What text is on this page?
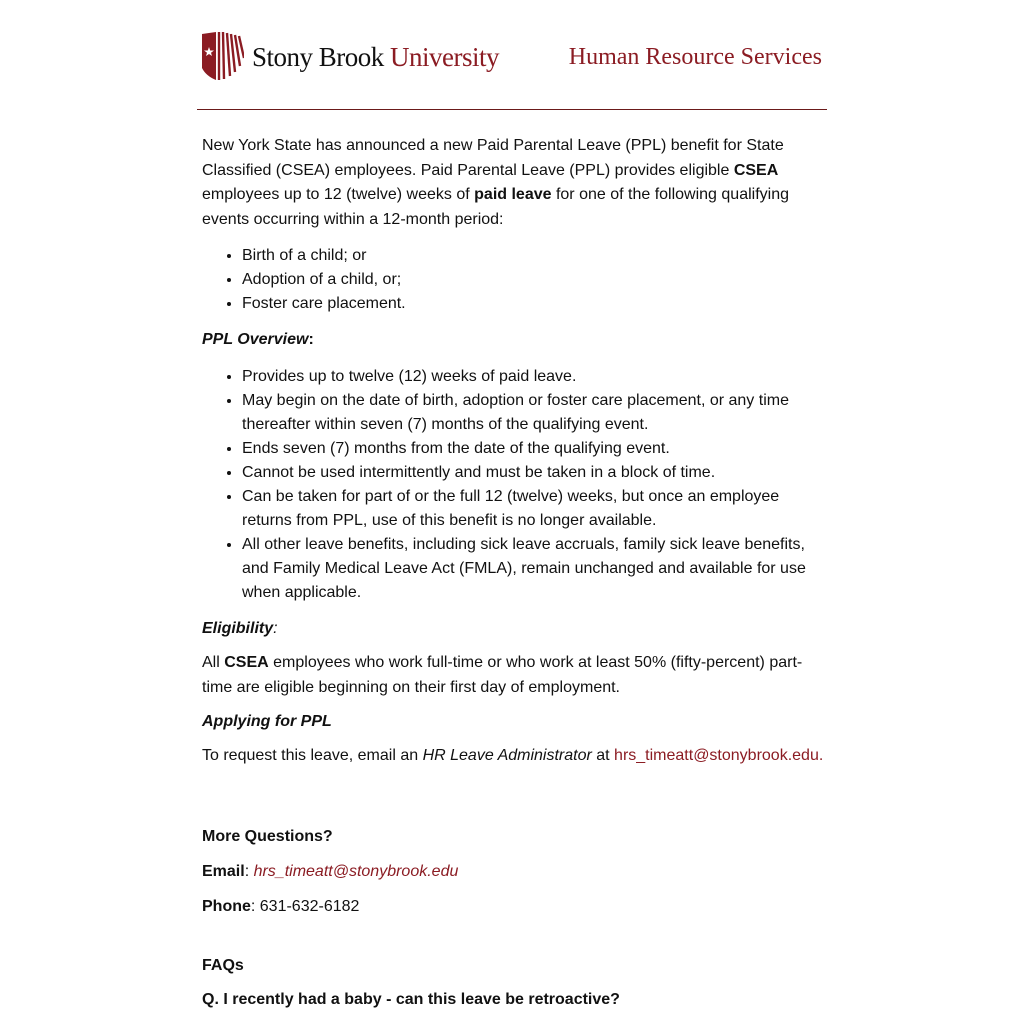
Stony Brook University	Human Resource Services

New York State has announced a new Paid Parental Leave (PPL) benefit for State Classified (CSEA) employees. Paid Parental Leave (PPL) provides eligible CSEA employees up to 12 (twelve) weeks of paid leave for one of the following qualifying events occurring within a 12-month period:

• Birth of a child; or
• Adoption of a child, or;
• Foster care placement.

PPL Overview:

• Provides up to twelve (12) weeks of paid leave.
• May begin on the date of birth, adoption or foster care placement, or any time thereafter within seven (7) months of the qualifying event.
• Ends seven (7) months from the date of the qualifying event.
• Cannot be used intermittently and must be taken in a block of time.
• Can be taken for part of or the full 12 (twelve) weeks, but once an employee returns from PPL, use of this benefit is no longer available.
• All other leave benefits, including sick leave accruals, family sick leave benefits, and Family Medical Leave Act (FMLA), remain unchanged and available for use when applicable.

Eligibility:

All CSEA employees who work full-time or who work at least 50% (fifty-percent) part-time are eligible beginning on their first day of employment.

Applying for PPL

To request this leave, email an HR Leave Administrator at hrs_timeatt@stonybrook.edu.

More Questions?

Email: hrs_timeatt@stonybrook.edu

Phone: 631-632-6182

FAQs

Q. I recently had a baby - can this leave be retroactive?
